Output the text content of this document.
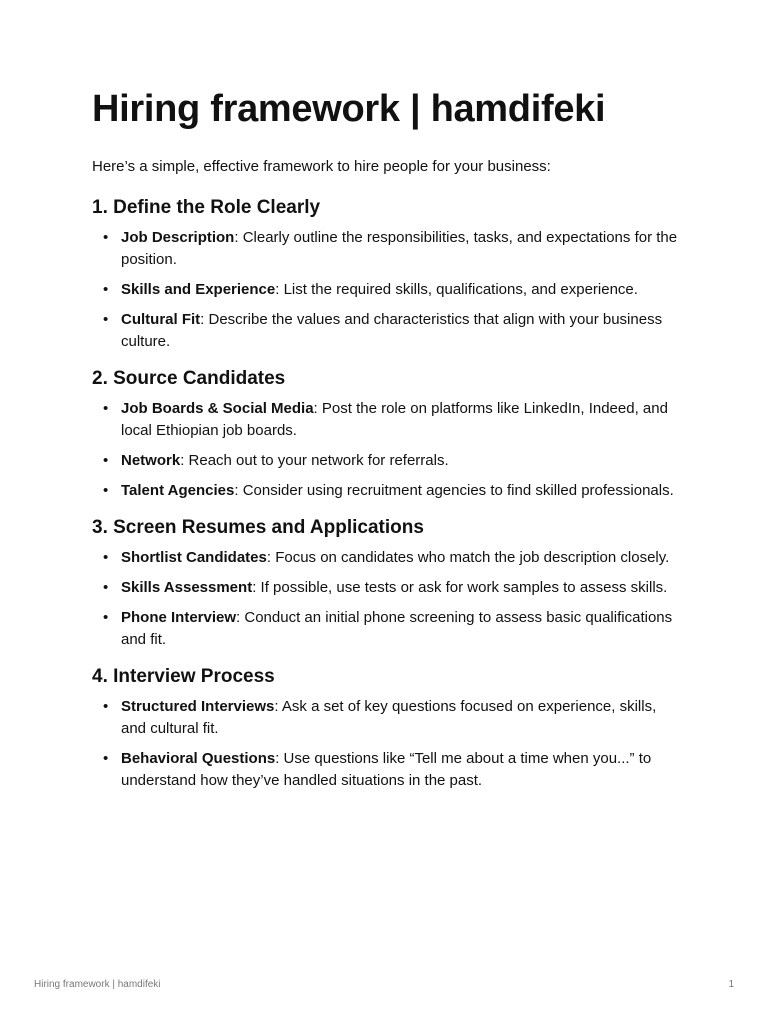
Hiring framework | hamdifeki

Here’s a simple, effective framework to hire people for your business:

1. Define the Role Clearly
• Job Description: Clearly outline the responsibilities, tasks, and expectations for the position.
• Skills and Experience: List the required skills, qualifications, and experience.
• Cultural Fit: Describe the values and characteristics that align with your business culture.
2. Source Candidates
• Job Boards & Social Media: Post the role on platforms like LinkedIn, Indeed, and local Ethiopian job boards.
• Network: Reach out to your network for referrals.
• Talent Agencies: Consider using recruitment agencies to find skilled professionals.
3. Screen Resumes and Applications
• Shortlist Candidates: Focus on candidates who match the job description closely.
• Skills Assessment: If possible, use tests or ask for work samples to assess skills.
• Phone Interview: Conduct an initial phone screening to assess basic qualifications and fit.
4. Interview Process
• Structured Interviews: Ask a set of key questions focused on experience, skills, and cultural fit.
• Behavioral Questions: Use questions like “Tell me about a time when you...” to understand how they’ve handled situations in the past.
Hiring framework | hamdifeki	1
